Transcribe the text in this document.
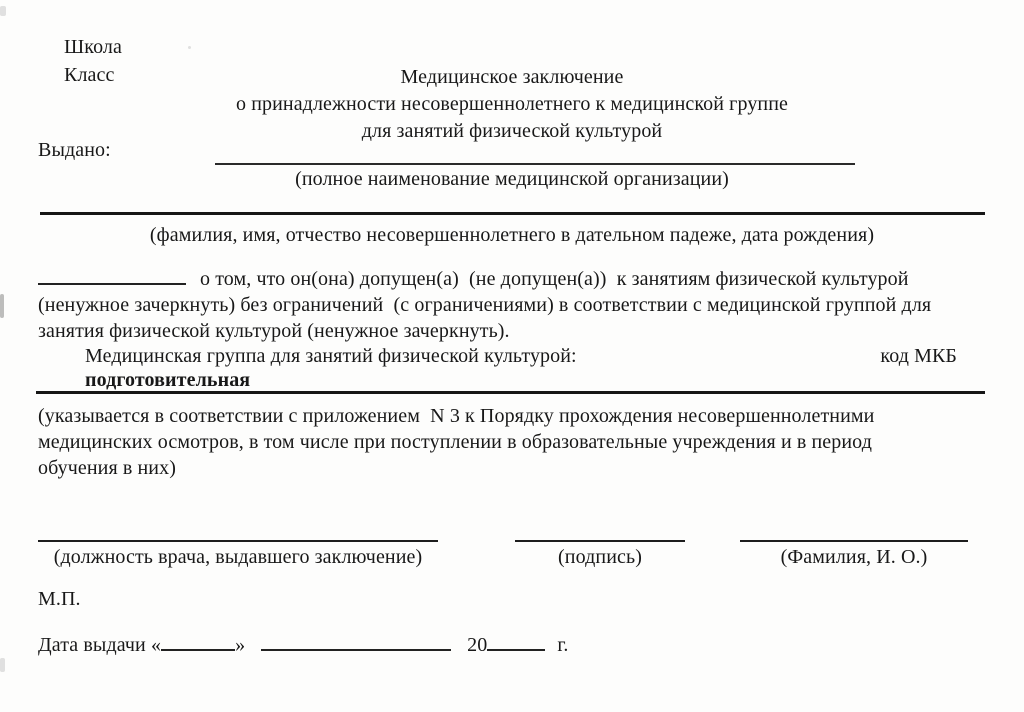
Школа
Класс	Медицинское заключение
о принадлежности несовершеннолетнего к медицинской группе
для занятий физической культурой
Выдано:
(полное наименование медицинской организации)
(фамилия, имя, отчество несовершеннолетнего в дательном падеже, дата рождения)
о том, что он(она) допущен(а)  (не допущен(а))  к занятиям физической культурой
(ненужное зачеркнуть) без ограничений  (с ограничениями) в соответствии с медицинской группой для
занятия физической культурой (ненужное зачеркнуть).
Медицинская группа для занятий физической культурой:	код МКБ
подготовительная
(указывается в соответствии с приложением  N 3 к Порядку прохождения несовершеннолетними
медицинских осмотров, в том числе при поступлении в образовательные учреждения и в период
обучения в них)
(должность врача, выдавшего заключение)	(подпись)	(Фамилия, И. О.)
М.П.
Дата выдачи «	»	20	г.
